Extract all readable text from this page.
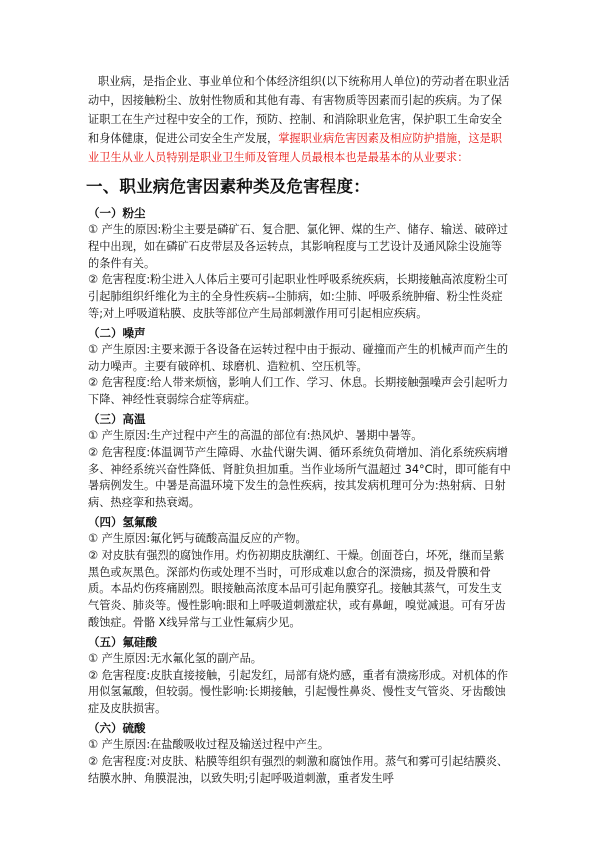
职业病，是指企业、事业单位和个体经济组织(以下统称用人单位)的劳动者在职业活动中，因接触粉尘、放射性物质和其他有毒、有害物质等因素而引起的疾病。为了保证职工在生产过程中安全的工作，预防、控制、和消除职业危害，保护职工生命安全和身体健康，促进公司安全生产发展，掌握职业病危害因素及相应防护措施，这是职业卫生从业人员特别是职业卫生师及管理人员最根本也是最基本的从业要求：

一、职业病危害因素种类及危害程度：
（一）粉尘

① 产生的原因:粉尘主要是磷矿石、复合肥、氯化钾、煤的生产、储存、输送、破碎过程中出现，如在磷矿石皮带层及各运转点，其影响程度与工艺设计及通风除尘设施等的条件有关。

② 危害程度:粉尘进入人体后主要可引起职业性呼吸系统疾病，长期接触高浓度粉尘可引起肺组织纤维化为主的全身性疾病--尘肺病，如:尘肺、呼吸系统肿瘤、粉尘性炎症等;对上呼吸道粘膜、皮肤等部位产生局部刺激作用可引起相应疾病。

（二）噪声

① 产生原因:主要来源于各设备在运转过程中由于振动、碰撞而产生的机械声而产生的动力噪声。主要有破碎机、球磨机、造粒机、空压机等。

② 危害程度:给人带来烦恼，影响人们工作、学习、休息。长期接触强噪声会引起听力下降、神经性衰弱综合症等病症。

（三）高温

① 产生原因:生产过程中产生的高温的部位有:热风炉、暑期中暑等。

② 危害程度:体温调节产生障碍、水盐代谢失调、循环系统负荷增加、消化系统疾病增多、神经系统兴奋性降低、肾脏负担加重。当作业场所气温超过 34°C时，即可能有中暑病例发生。中暑是高温环境下发生的急性疾病，按其发病机理可分为:热射病、日射病、热痉挛和热衰竭。

（四）氢氟酸

① 产生原因:氟化钙与硫酸高温反应的产物。

② 对皮肤有强烈的腐蚀作用。灼伤初期皮肤潮红、干燥。创面苍白，坏死，继而呈紫黑色或灰黑色。深部灼伤或处理不当时，可形成难以愈合的深溃疡，损及骨膜和骨质。本品灼伤疼痛剧烈。眼接触高浓度本品可引起角膜穿孔。接触其蒸气，可发生支气管炎、肺炎等。慢性影响:眼和上呼吸道刺激症状，或有鼻衄，嗅觉减退。可有牙齿酸蚀症。骨骼 X线异常与工业性氟病少见。

（五）氟硅酸

① 产生原因:无水氟化氢的副产品。

② 危害程度:皮肤直接接触，引起发红，局部有烧灼感，重者有溃疡形成。对机体的作用似氢氟酸，但较弱。慢性影响:长期接触，引起慢性鼻炎、慢性支气管炎、牙齿酸蚀症及皮肤损害。

（六）硫酸

① 产生原因:在盐酸吸收过程及输送过程中产生。

② 危害程度:对皮肤、粘膜等组织有强烈的刺激和腐蚀作用。蒸气和雾可引起结膜炎、结膜水肿、角膜混浊，以致失明;引起呼吸道刺激，重者发生呼
